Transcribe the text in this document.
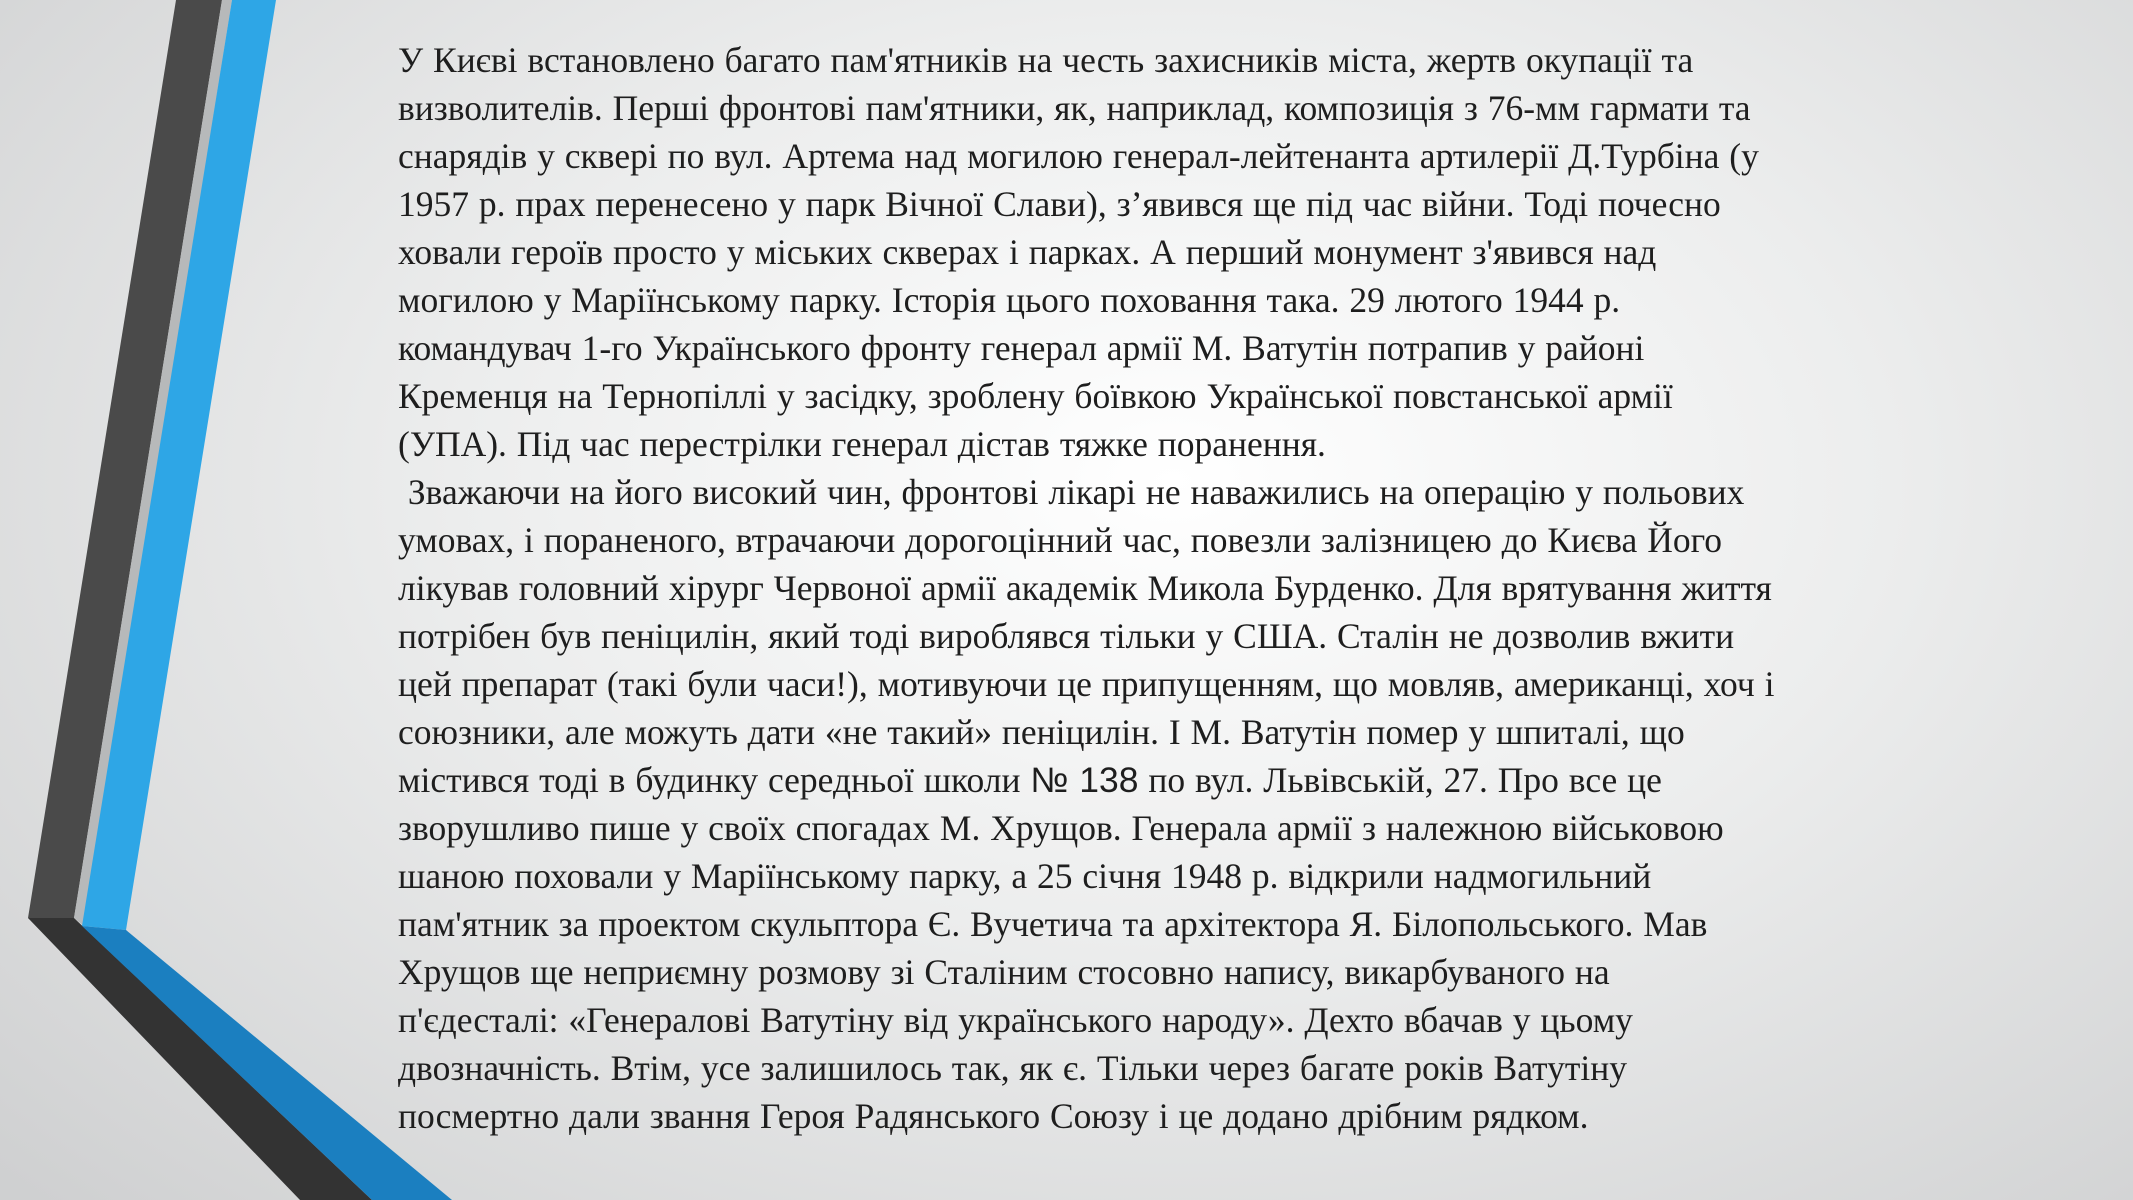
У Києві встановлено багато пам'ятників на честь захисників міста, жертв окупації та
визволителів. Перші фронтові пам'ятники, як, наприклад, композиція з 76-мм гармати та
снарядів у сквері по вул. Артема над могилою генерал-лейтенанта артилерії Д.Турбіна (у
1957 р. прах перенесено у парк Вічної Слави), з’явився ще під час війни. Тоді почесно
ховали героїв просто у міських скверах і парках. А перший монумент з'явився над
могилою у Маріїнському парку. Історія цього поховання така. 29 лютого 1944 р.
командувач 1-го Українського фронту генерал армії М. Ватутін потрапив у районі
Кременця на Тернопіллі у засідку, зроблену боївкою Української повстанської армії
(УПА). Під час перестрілки генерал дістав тяжке поранення.
Зважаючи на його високий чин, фронтові лікарі не наважились на операцію у польових
умовах, і пораненого, втрачаючи дорогоцінний час, повезли залізницею до Києва Його
лікував головний хірург Червоної армії академік Микола Бурденко. Для врятування життя
потрібен був пеніцилін, який тоді вироблявся тільки у США. Сталін не дозволив вжити
цей препарат (такі були часи!), мотивуючи це припущенням, що мовляв, американці, хоч і
союзники, але можуть дати «не такий» пеніцилін. І М. Ватутін помер у шпиталі, що
містився тоді в будинку середньої школи № 138 по вул. Львівській, 27. Про все це
зворушливо пише у своїх спогадах М. Хрущов. Генерала армії з належною військовою
шаною поховали у Маріїнському парку, а 25 січня 1948 р. відкрили надмогильний
пам'ятник за проектом скульптора Є. Вучетича та архітектора Я. Білопольського. Мав
Хрущов ще неприємну розмову зі Сталіним стосовно напису, викарбуваного на
п'єдесталі: «Генералові Ватутіну від українського народу». Дехто вбачав у цьому
двозначність. Втім, усе залишилось так, як є. Тільки через багате років Ватутіну
посмертно дали звання Героя Радянського Союзу і це додано дрібним рядком.
